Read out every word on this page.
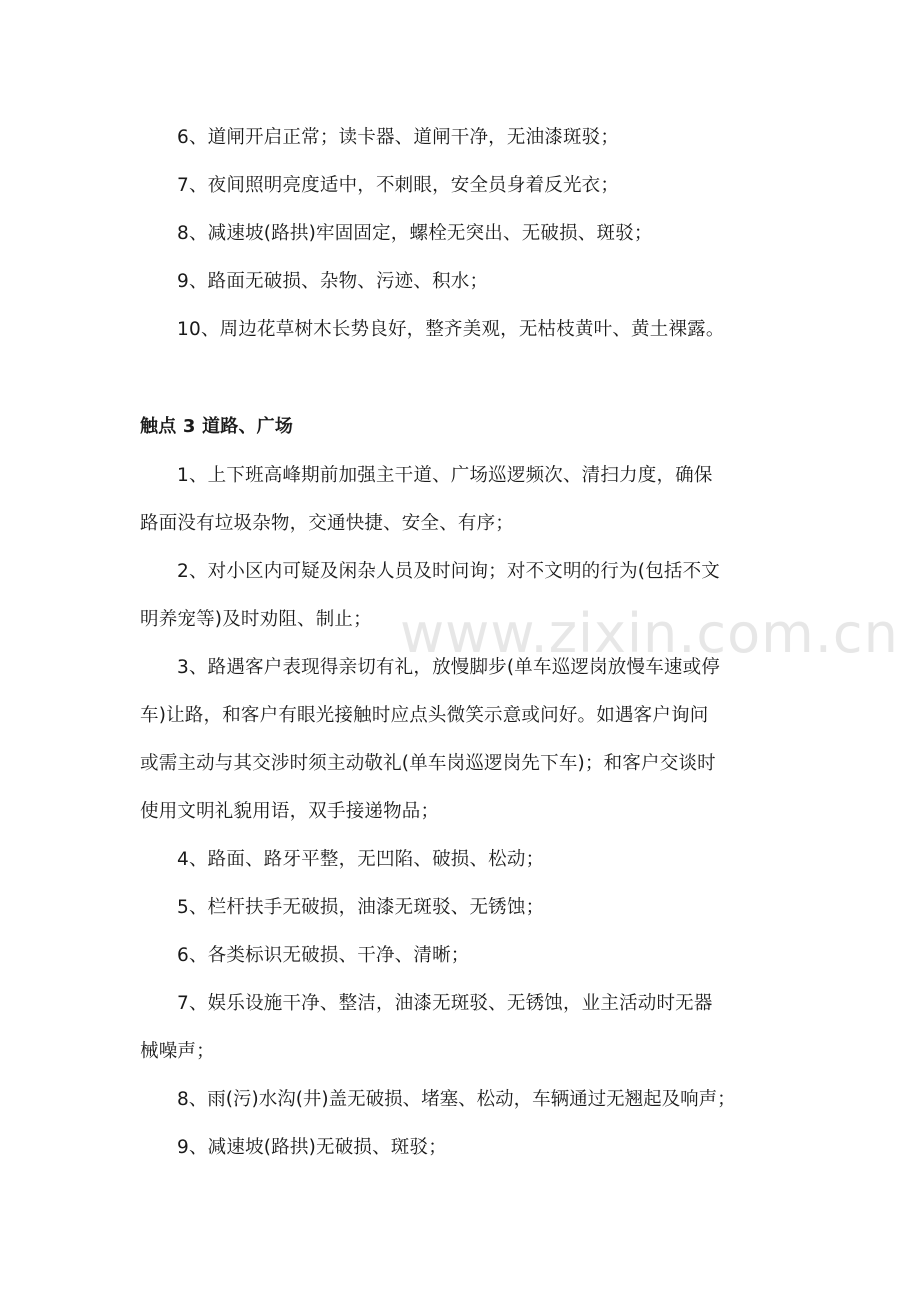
6、道闸开启正常；读卡器、道闸干净，无油漆斑驳；
7、夜间照明亮度适中，不刺眼，安全员身着反光衣；
8、减速坡(路拱)牢固固定，螺栓无突出、无破损、斑驳；
9、路面无破损、杂物、污迹、积水；
10、周边花草树木长势良好，整齐美观，无枯枝黄叶、黄土裸露。
触点 3 道路、广场
1、上下班高峰期前加强主干道、广场巡逻频次、清扫力度，确保
路面没有垃圾杂物，交通快捷、安全、有序；
2、对小区内可疑及闲杂人员及时问询；对不文明的行为(包括不文
明养宠等)及时劝阻、制止；
3、路遇客户表现得亲切有礼，放慢脚步(单车巡逻岗放慢车速或停
车)让路，和客户有眼光接触时应点头微笑示意或问好。如遇客户询问
或需主动与其交涉时须主动敬礼(单车岗巡逻岗先下车)；和客户交谈时
使用文明礼貌用语，双手接递物品；
4、路面、路牙平整，无凹陷、破损、松动；
5、栏杆扶手无破损，油漆无斑驳、无锈蚀；
6、各类标识无破损、干净、清晰；
7、娱乐设施干净、整洁，油漆无斑驳、无锈蚀，业主活动时无器
械噪声；
8、雨(污)水沟(井)盖无破损、堵塞、松动，车辆通过无翘起及响声；
9、减速坡(路拱)无破损、斑驳；
www.zixin.com.cn
